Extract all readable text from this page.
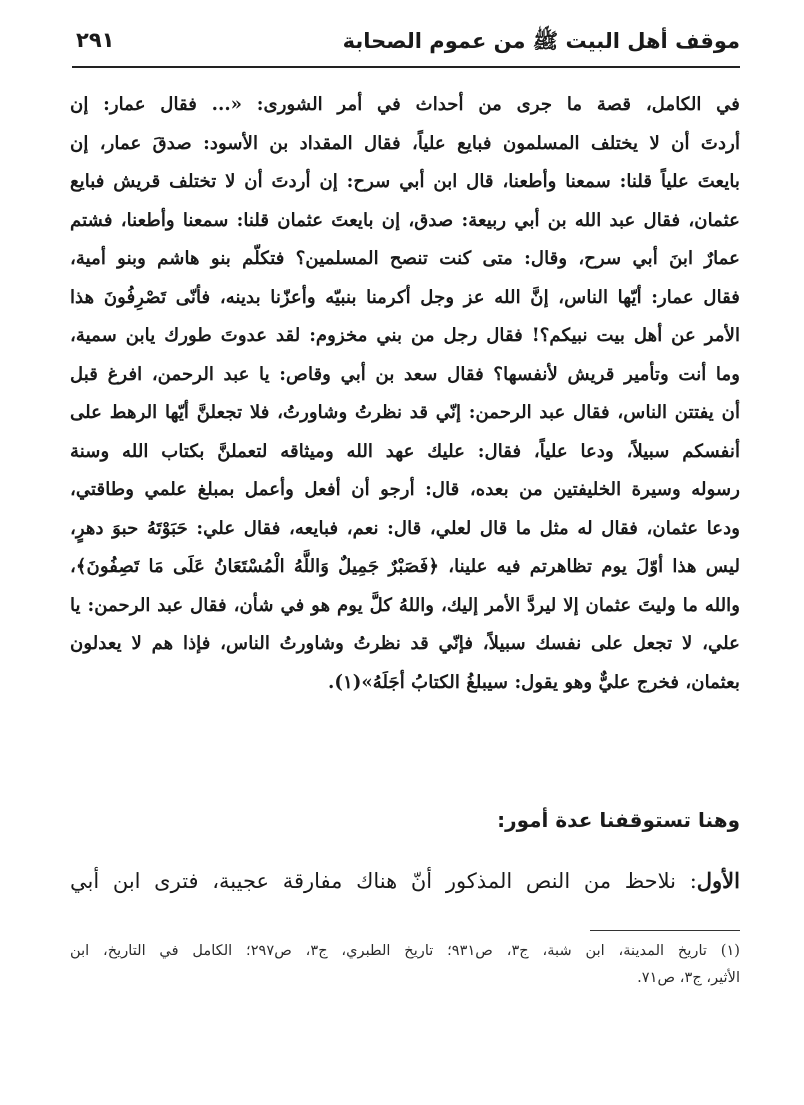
موقف أهل البيت ﷺ من عموم الصحابة
٢٩١
في الكامل، قصة ما جرى من أحداث في أمر الشورى: «... فقال عمار: إن
أردتَ أن لا يختلف المسلمون فبايع علياً، فقال المقداد بن الأسود: صدقَ عمار، إن
بايعتَ علياً قلنا: سمعنا وأطعنا، قال ابن أبي سرح: إن أردتَ أن لا تختلف قريش فبايع
عثمان، فقال عبد الله بن أبي ربيعة: صدق، إن بايعتَ عثمان قلنا: سمعنا وأطعنا، فشتم
عمارٌ ابنَ أبي سرح، وقال: متى كنت تنصح المسلمين؟ فتكلّم بنو هاشم وبنو أمية،
فقال عمار: أيّها الناس، إنَّ الله عز وجل أكرمنا بنبيّه وأعزّنا بدينه، فأنّى تَصْرِفُونَ هذا
الأمر عن أهل بيت نبيكم؟! فقال رجل من بني مخزوم: لقد عدوتَ طورك يابن سمية،
وما أنت وتأمير قريش لأنفسها؟ فقال سعد بن أبي وقاص: يا عبد الرحمن، افرغ قبل
أن يفتتن الناس، فقال عبد الرحمن: إنّي قد نظرتُ وشاورتُ، فلا تجعلنَّ أيّها الرهط على
أنفسكم سبيلاً، ودعا علياً، فقال: عليك عهد الله وميثاقه لتعملنَّ بكتاب الله وسنة
رسوله وسيرة الخليفتين من بعده، قال: أرجو أن أفعل وأعمل بمبلغ علمي وطاقتي،
ودعا عثمان، فقال له مثل ما قال لعلي، قال: نعم، فبايعه، فقال علي: حَبَوْتَهُ حبوَ دهرٍ،
ليس هذا أوّلَ يوم تظاهرتم فيه علينا، ﴿فَصَبْرٌ جَمِيلٌ وَاللَّهُ الْمُسْتَعَانُ عَلَى مَا تَصِفُونَ﴾،
والله ما وليتَ عثمان إلا ليردَّ الأمر إليك، واللهُ كلَّ يوم هو في شأن، فقال عبد الرحمن: يا
علي، لا تجعل على نفسك سبيلاً، فإنّي قد نظرتُ وشاورتُ الناس، فإذا هم لا يعدلون
بعثمان، فخرج عليٌّ وهو يقول: سيبلغُ الكتابُ أجَلَهُ»(١).
وهنا تستوقفنا عدة أمور:
الأول: نلاحظ من النص المذكور أنّ هناك مفارقة عجيبة، فترى ابن أبي
(١) تاريخ المدينة، ابن شبة، ج٣، ص٩٣١؛ تاريخ الطبري، ج٣، ص٢٩٧؛ الكامل في التاريخ، ابن
الأثير، ج٣، ص٧١.
